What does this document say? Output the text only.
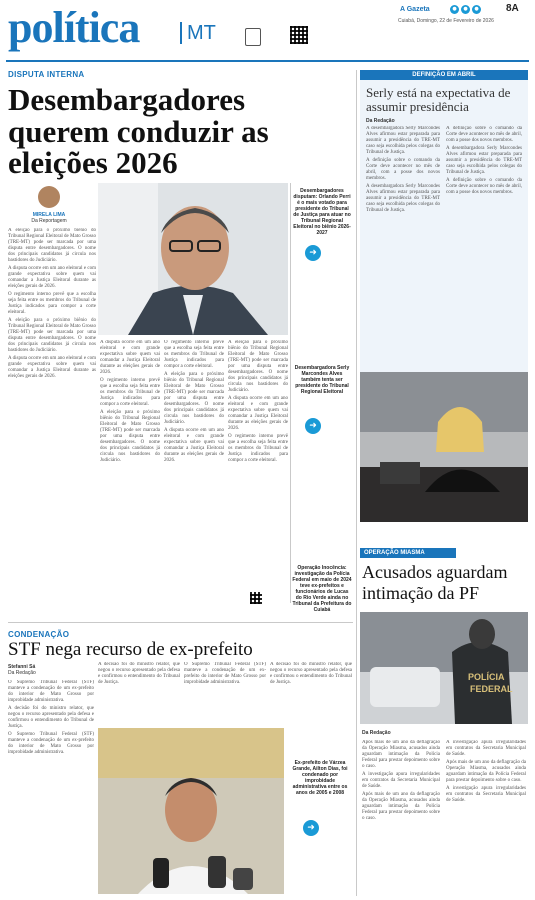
política	MT
A Gazeta	●	●	●	8A
Cuiabá, Domingo, 22 de Fevereiro de 2026
DISPUTA INTERNA
Desembargadores querem conduzir as eleições 2026
MIRELA LIMA
Da Reportagem

A eleição para o próximo biênio do Tribunal Regional Eleitoral de Mato Grosso (TRE-MT) pode ser marcada por uma disputa entre desembargadores. O nome dos principais candidatos já circula nos bastidores do Judiciário.

A disputa ocorre em um ano eleitoral e com grande expectativa sobre quem vai comandar a Justiça Eleitoral durante as eleições gerais de 2026.

O regimento interno prevê que a escolha seja feita entre os membros do Tribunal de Justiça indicados para compor a corte eleitoral.

A eleição para o próximo biênio do Tribunal Regional Eleitoral de Mato Grosso (TRE-MT) pode ser marcada por uma disputa entre desembargadores. O nome dos principais candidatos já circula nos bastidores do Judiciário.

A disputa ocorre em um ano eleitoral e com grande expectativa sobre quem vai comandar a Justiça Eleitoral durante as eleições gerais de 2026.

Desembargadores disputam: Orlando Perri é o mais votado para presidente do Tribunal de Justiça para atuar no Tribunal Regional Eleitoral no biênio 2026-2027
➜

A disputa ocorre em um ano eleitoral e com grande expectativa sobre quem vai comandar a Justiça Eleitoral durante as eleições gerais de 2026.

O regimento interno prevê que a escolha seja feita entre os membros do Tribunal de Justiça indicados para compor a corte eleitoral.

A eleição para o próximo biênio do Tribunal Regional Eleitoral de Mato Grosso (TRE-MT) pode ser marcada por uma disputa entre desembargadores. O nome dos principais candidatos já circula nos bastidores do Judiciário.

O regimento interno prevê que a escolha seja feita entre os membros do Tribunal de Justiça indicados para compor a corte eleitoral.

A eleição para o próximo biênio do Tribunal Regional Eleitoral de Mato Grosso (TRE-MT) pode ser marcada por uma disputa entre desembargadores. O nome dos principais candidatos já circula nos bastidores do Judiciário.

A disputa ocorre em um ano eleitoral e com grande expectativa sobre quem vai comandar a Justiça Eleitoral durante as eleições gerais de 2026.

A eleição para o próximo biênio do Tribunal Regional Eleitoral de Mato Grosso (TRE-MT) pode ser marcada por uma disputa entre desembargadores. O nome dos principais candidatos já circula nos bastidores do Judiciário.

A disputa ocorre em um ano eleitoral e com grande expectativa sobre quem vai comandar a Justiça Eleitoral durante as eleições gerais de 2026.

O regimento interno prevê que a escolha seja feita entre os membros do Tribunal de Justiça indicados para compor a corte eleitoral.

Desembargadora Serly Marcondes Alves também tenta ser presidente do Tribunal Regional Eleitoral
➜
Operação Inocência: investigação da Polícia Federal em maio de 2024 teve ex-prefeitos e funcionários de Lucas do Rio Verde ainda no Tribunal da Prefeitura do Cuiabá
DEFINIÇÃO EM ABRIL
Serly está na expectativa de assumir presidência
Da Redação

A desembargadora Serly Marcondes Alves afirmou estar preparada para assumir a presidência do TRE-MT caso seja escolhida pelos colegas do Tribunal de Justiça.

A definição sobre o comando da Corte deve acontecer no mês de abril, com a posse dos novos membros.

A desembargadora Serly Marcondes Alves afirmou estar preparada para assumir a presidência do TRE-MT caso seja escolhida pelos colegas do Tribunal de Justiça.

A definição sobre o comando da Corte deve acontecer no mês de abril, com a posse dos novos membros.

A desembargadora Serly Marcondes Alves afirmou estar preparada para assumir a presidência do TRE-MT caso seja escolhida pelos colegas do Tribunal de Justiça.

A definição sobre o comando da Corte deve acontecer no mês de abril, com a posse dos novos membros.

CONDENAÇÃO
STF nega recurso de ex-prefeito
Stefanni Sá
Da Redação

O Supremo Tribunal Federal (STF) manteve a condenação de um ex-prefeito do interior de Mato Grosso por improbidade administrativa.

A decisão foi do ministro relator, que negou o recurso apresentado pela defesa e confirmou o entendimento do Tribunal de Justiça.

O Supremo Tribunal Federal (STF) manteve a condenação de um ex-prefeito do interior de Mato Grosso por improbidade administrativa.

A decisão foi do ministro relator, que negou o recurso apresentado pela defesa e confirmou o entendimento do Tribunal de Justiça.

O Supremo Tribunal Federal (STF) manteve a condenação de um ex-prefeito do interior de Mato Grosso por improbidade administrativa.

A decisão foi do ministro relator, que negou o recurso apresentado pela defesa e confirmou o entendimento do Tribunal de Justiça.

Ex-prefeito de Várzea Grande, Ailton Dias, foi condenado por improbidade administrativa entre os anos de 2005 e 2008
➜
OPERAÇÃO MIASMA
Acusados aguardam intimação da PF
POLÍCIA
FEDERAL
Da Redação

Após mais de um ano da deflagração da Operação Miasma, acusados ainda aguardam intimação da Polícia Federal para prestar depoimento sobre o caso.

A investigação apura irregularidades em contratos da Secretaria Municipal de Saúde.

Após mais de um ano da deflagração da Operação Miasma, acusados ainda aguardam intimação da Polícia Federal para prestar depoimento sobre o caso.

A investigação apura irregularidades em contratos da Secretaria Municipal de Saúde.

Após mais de um ano da deflagração da Operação Miasma, acusados ainda aguardam intimação da Polícia Federal para prestar depoimento sobre o caso.

A investigação apura irregularidades em contratos da Secretaria Municipal de Saúde.
